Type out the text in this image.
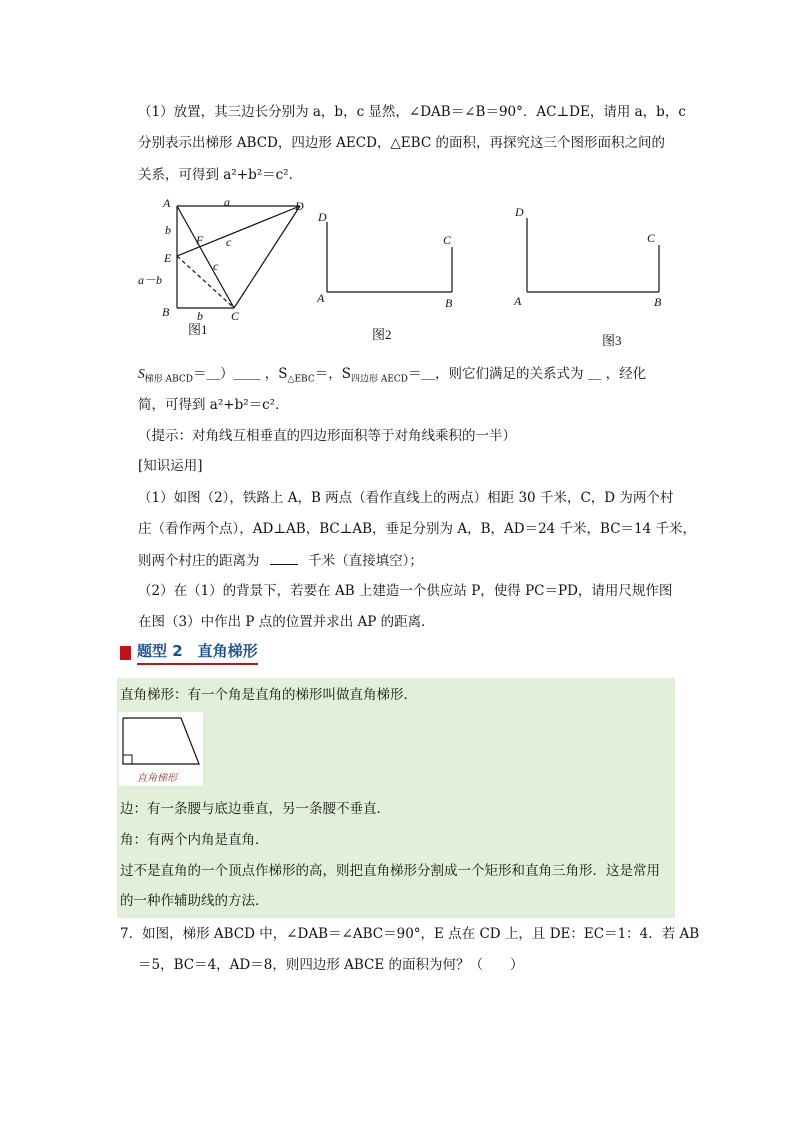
（1）放置，其三边长分别为 a，b，c 显然，∠DAB＝∠B＝90°．AC⊥DE，请用 a，b，c
分别表示出梯形 ABCD，四边形 AECD，△EBC 的面积，再探究这三个图形面积之间的
关系，可得到 a²+b²＝c²．
A	D
a
b
F c
E
c
a－b
B b C
图1
D
C
A	B
图2
D
C
A	B
图3
$S_{梯形 ABCD}=\_)\_\_$ ，$S_{\triangle EBC}=$，$S_{四边形 AECD}=\_$，则它们满足的关系式为 ＿ ，经化
简，可得到 a²+b²＝c²．
（提示：对角线互相垂直的四边形面积等于对角线乘积的一半）
[知识运用]
（1）如图（2），铁路上 A，B 两点（看作直线上的两点）相距 30 千米，C，D 为两个村
庄（看作两个点），AD⊥AB，BC⊥AB，垂足分别为 A，B，AD＝24 千米，BC＝14 千米，
则两个村庄的距离为	千米（直接填空）；
（2）在（1）的背景下，若要在 AB 上建造一个供应站 P，使得 PC＝PD，请用尺规作图
在图（3）中作出 P 点的位置并求出 AP 的距离．
题型 2　直角梯形
直角梯形：有一个角是直角的梯形叫做直角梯形．
直角梯形
边：有一条腰与底边垂直，另一条腰不垂直．
角：有两个内角是直角．
过不是直角的一个顶点作梯形的高，则把直角梯形分割成一个矩形和直角三角形．这是常用
的一种作辅助线的方法．
7．如图，梯形 ABCD 中，∠DAB＝∠ABC＝90°，E 点在 CD 上，且 DE：EC＝1：4．若 AB
＝5，BC＝4，AD＝8，则四边形 ABCE 的面积为何？（　　）
